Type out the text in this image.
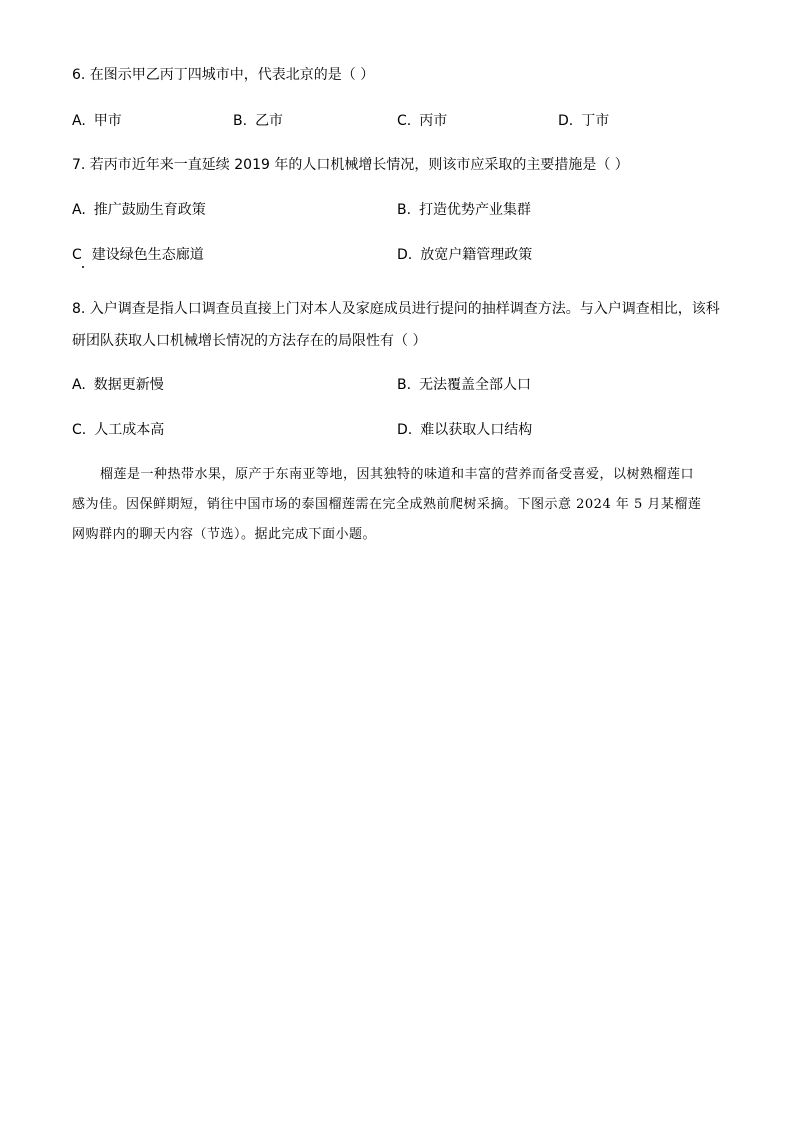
6. 在图示甲乙丙丁四城市中，代表北京的是（ ）
A. 甲市	B. 乙市	C. 丙市	D. 丁市
7. 若丙市近年来一直延续 2019 年的人口机械增长情况，则该市应采取的主要措施是（ ）
A. 推广鼓励生育政策	B. 打造优势产业集群
C 建设绿色生态廊道	D. 放宽户籍管理政策
8. 入户调查是指人口调查员直接上门对本人及家庭成员进行提问的抽样调查方法。与入户调查相比，该科
研团队获取人口机械增长情况的方法存在的局限性有（ ）
A. 数据更新慢	B. 无法覆盖全部人口
C. 人工成本高	D. 难以获取人口结构
榴莲是一种热带水果，原产于东南亚等地，因其独特的味道和丰富的营养而备受喜爱，以树熟榴莲口
感为佳。因保鲜期短，销往中国市场的泰国榴莲需在完全成熟前爬树采摘。下图示意 2024 年 5 月某榴莲
网购群内的聊天内容（节选）。据此完成下面小题。
